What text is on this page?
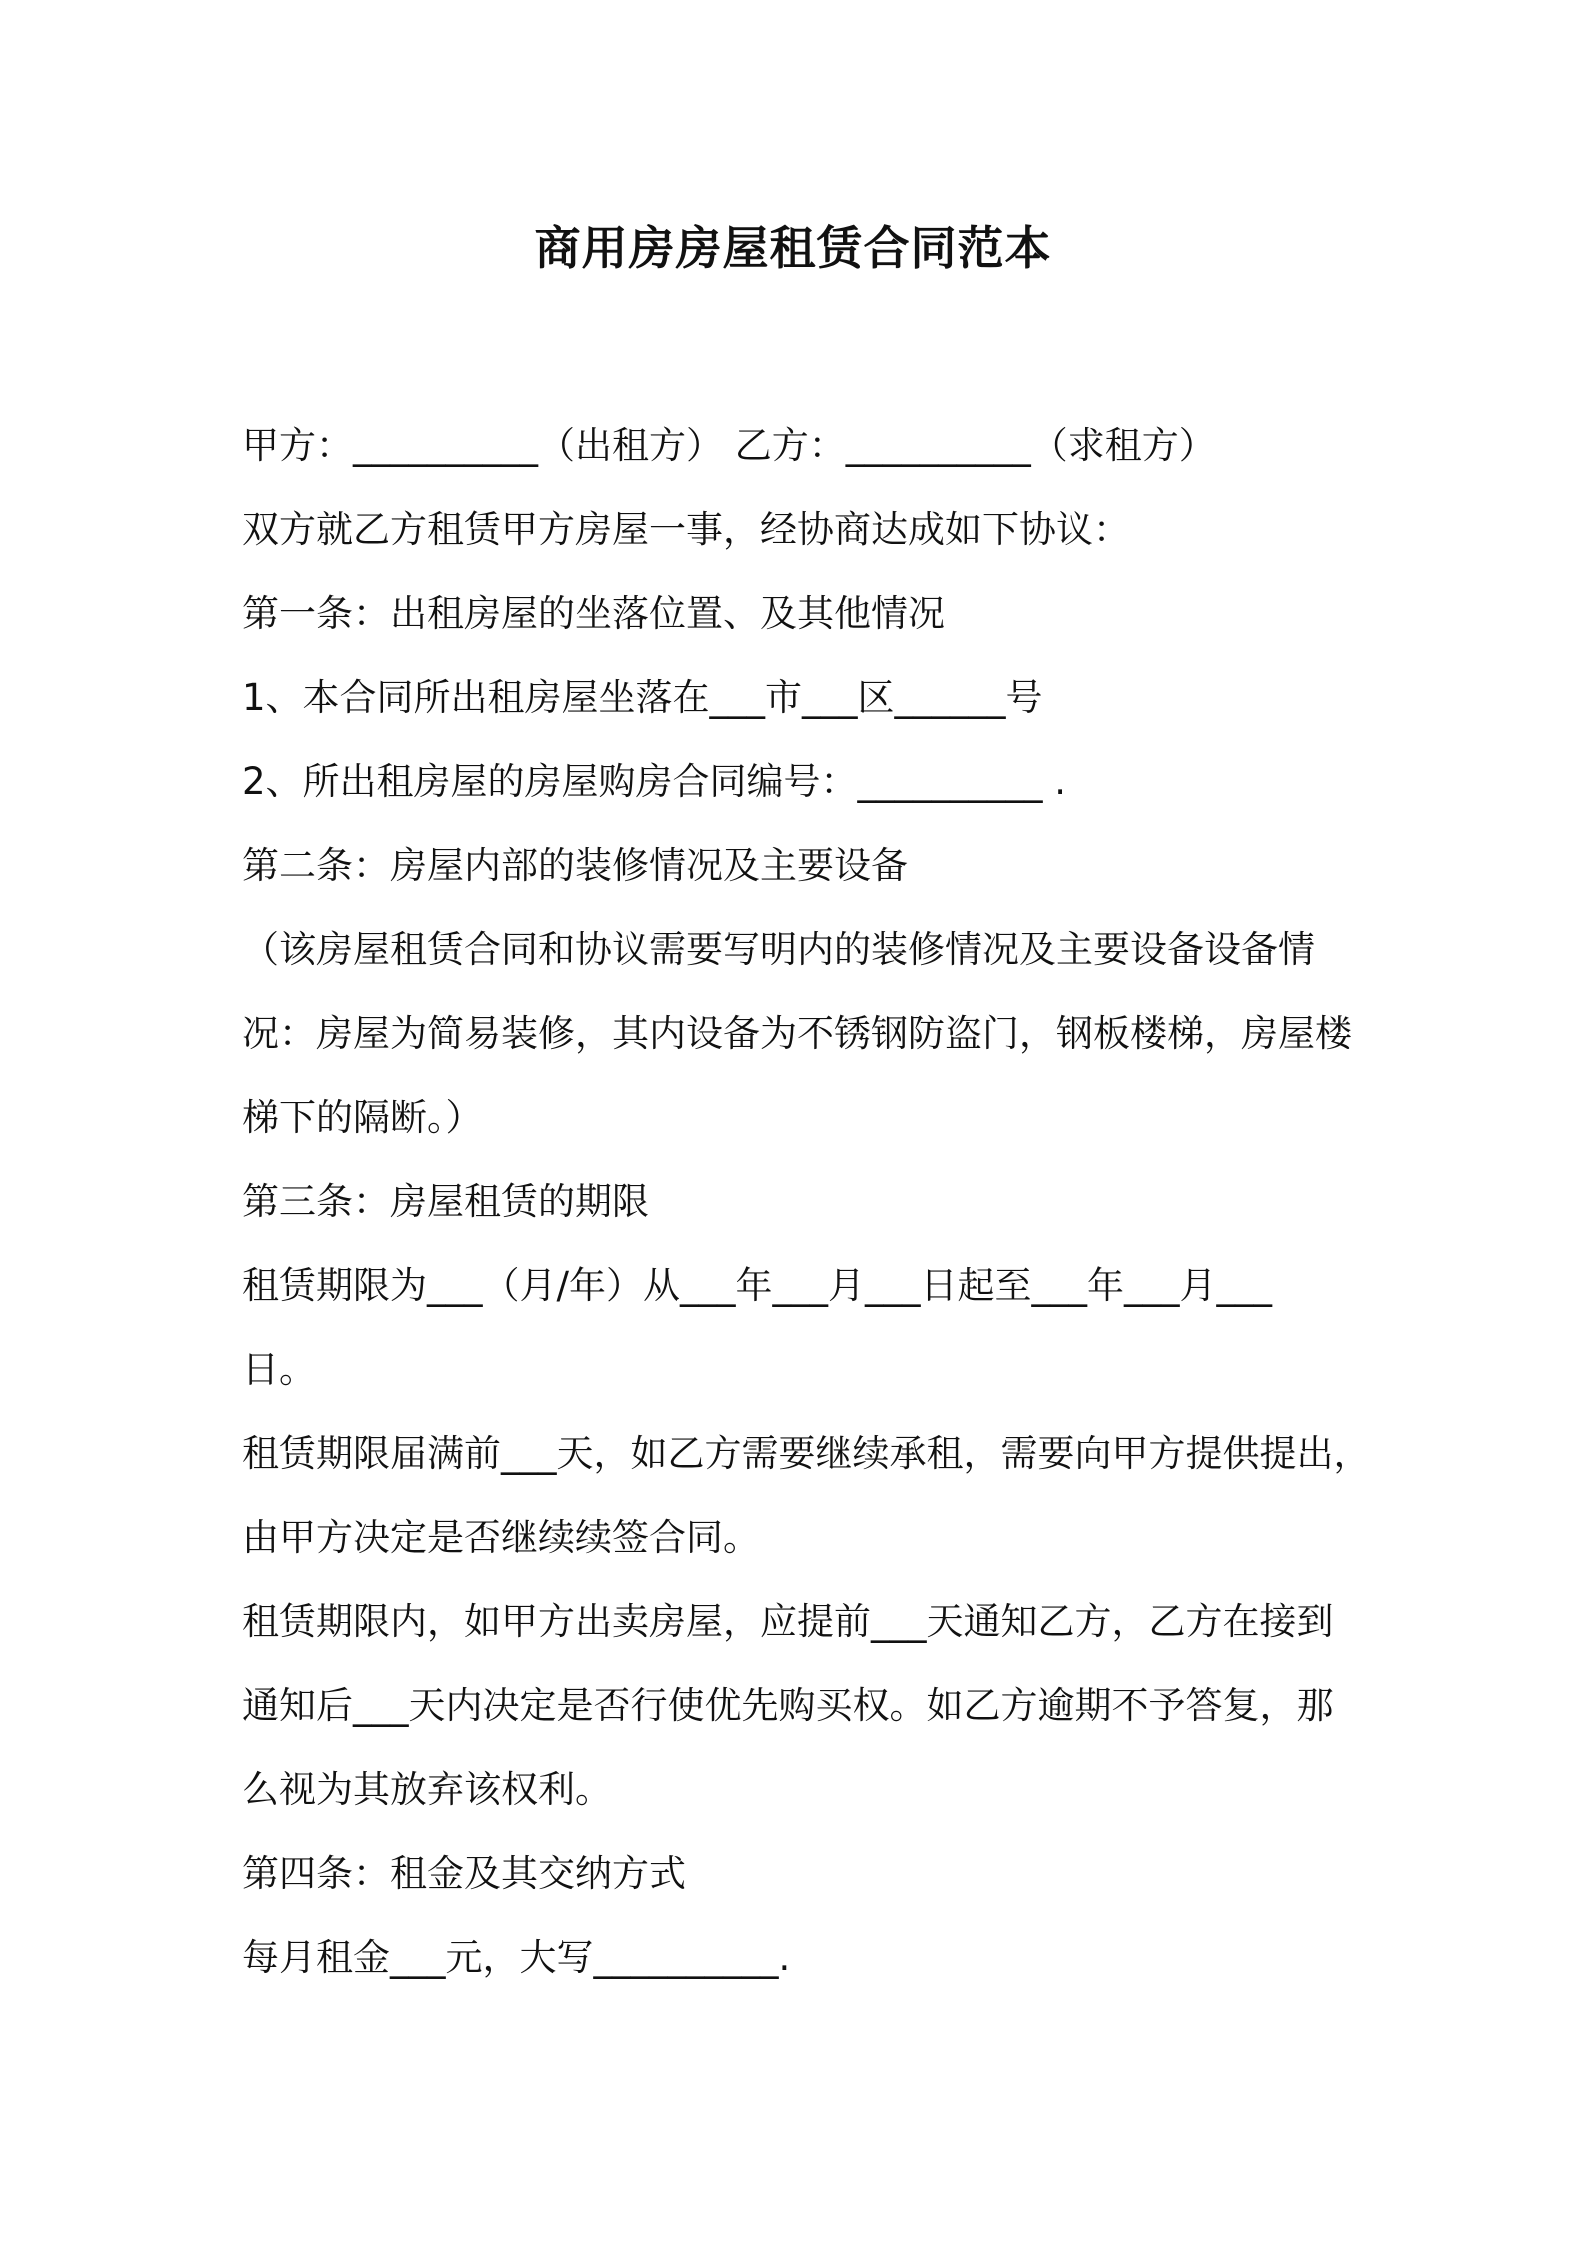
商用房房屋租赁合同范本

甲方：__________（出租方） 乙方：__________（求租方）

双方就乙方租赁甲方房屋一事，经协商达成如下协议：

第一条：出租房屋的坐落位置、及其他情况

1、本合同所出租房屋坐落在___市___区______号

2、所出租房屋的房屋购房合同编号：__________ .

第二条：房屋内部的装修情况及主要设备

（该房屋租赁合同和协议需要写明内的装修情况及主要设备设备情

况：房屋为简易装修，其内设备为不锈钢防盗门，钢板楼梯，房屋楼

梯下的隔断。）

第三条：房屋租赁的期限

租赁期限为___（月/年）从___年___月___日起至___年___月___

日。

租赁期限届满前___天，如乙方需要继续承租，需要向甲方提供提出，

由甲方决定是否继续续签合同。

租赁期限内，如甲方出卖房屋，应提前___天通知乙方，乙方在接到

通知后___天内决定是否行使优先购买权。如乙方逾期不予答复，那

么视为其放弃该权利。

第四条：租金及其交纳方式

每月租金___元，大写__________.
